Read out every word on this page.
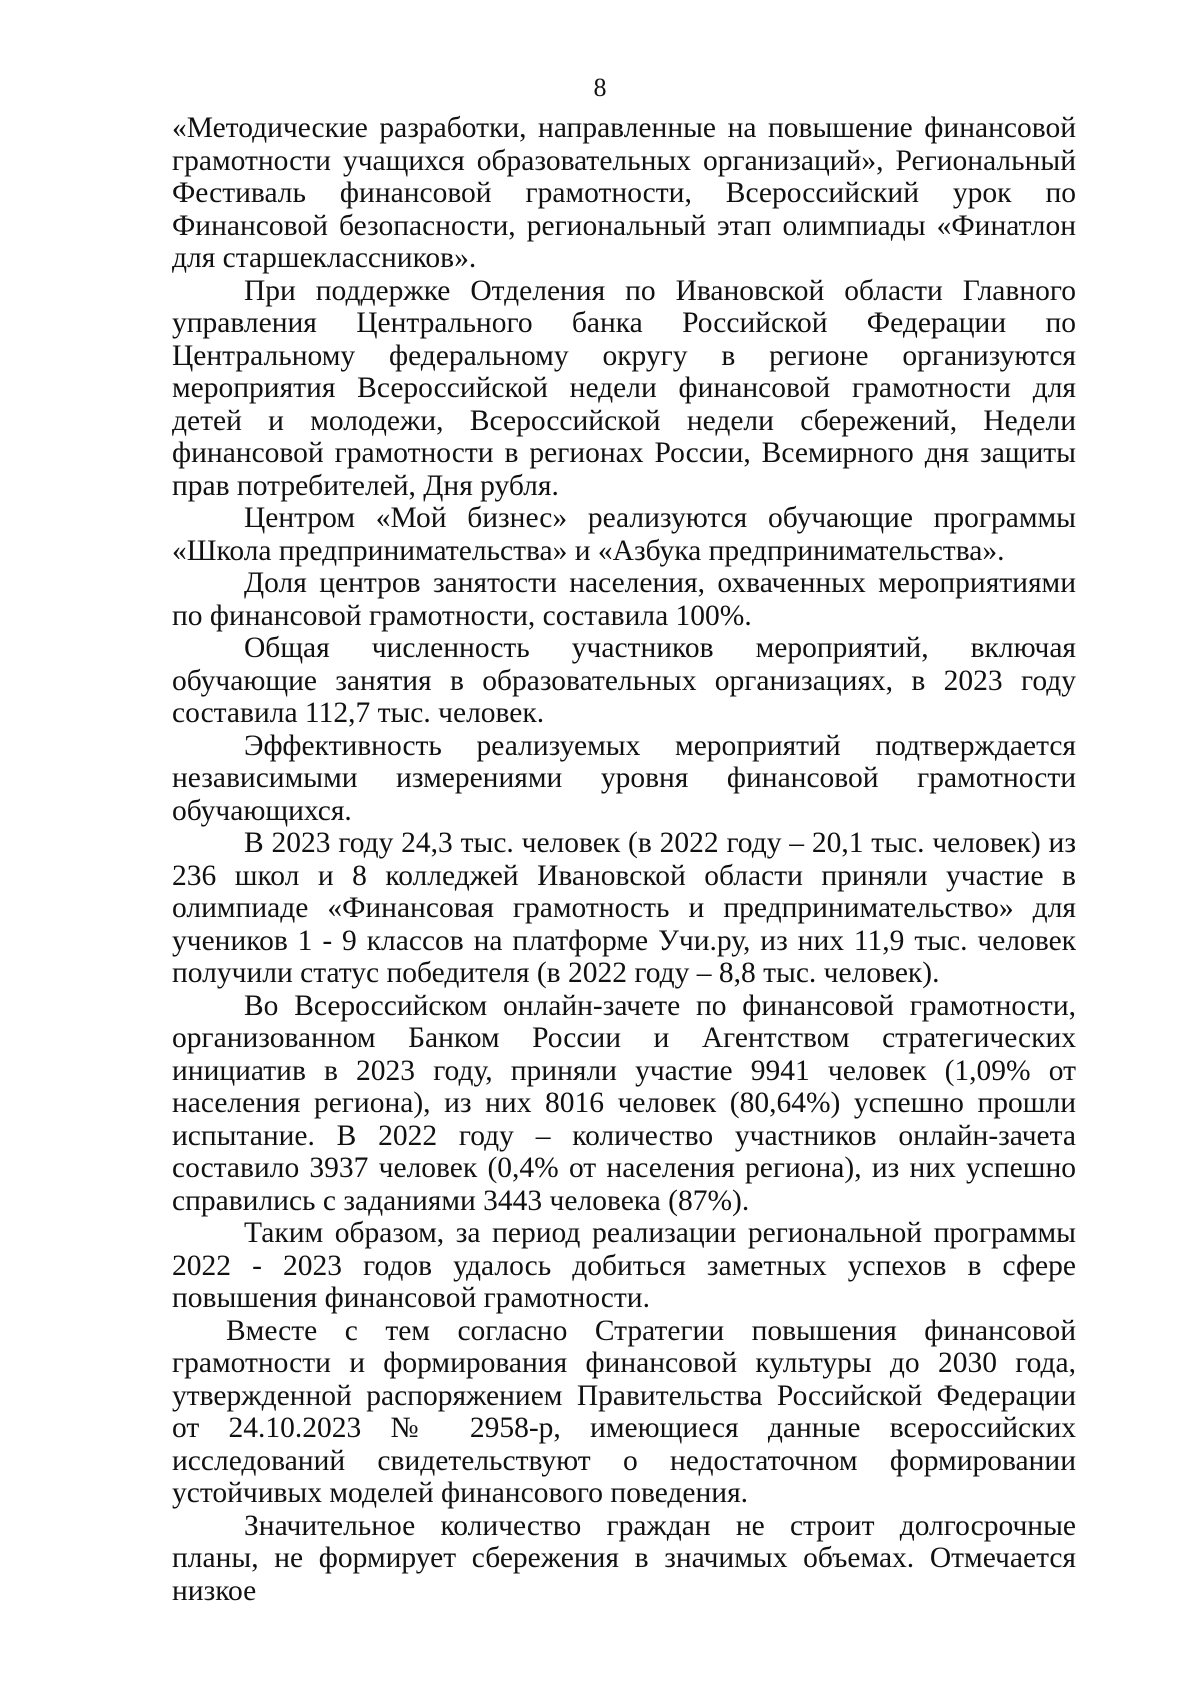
8

«Методические разработки, направленные на повышение финансовой грамотности учащихся образовательных организаций», Региональный Фестиваль финансовой грамотности, Всероссийский урок по Финансовой безопасности, региональный этап олимпиады «Финатлон для старшеклассников».

При поддержке Отделения по Ивановской области Главного управления Центрального банка Российской Федерации по Центральному федеральному округу в регионе организуются мероприятия Всероссийской недели финансовой грамотности для детей и молодежи, Всероссийской недели сбережений, Недели финансовой грамотности в регионах России, Всемирного дня защиты прав потребителей, Дня рубля.

Центром «Мой бизнес» реализуются обучающие программы «Школа предпринимательства» и «Азбука предпринимательства».

Доля центров занятости населения, охваченных мероприятиями по финансовой грамотности, составила 100%.

Общая численность участников мероприятий, включая обучающие занятия в образовательных организациях, в 2023 году составила 112,7 тыс. человек.

Эффективность реализуемых мероприятий подтверждается независимыми измерениями уровня финансовой грамотности обучающихся.

В 2023 году 24,3 тыс. человек (в 2022 году – 20,1 тыс. человек) из 236 школ и 8 колледжей Ивановской области приняли участие в олимпиаде «Финансовая грамотность и предпринимательство» для учеников 1 - 9 классов на платформе Учи.ру, из них 11,9 тыс. человек получили статус победителя (в 2022 году – 8,8 тыс. человек).

Во Всероссийском онлайн-зачете по финансовой грамотности, организованном Банком России и Агентством стратегических инициатив в 2023 году, приняли участие 9941 человек (1,09% от населения региона), из них 8016 человек (80,64%) успешно прошли испытание. В 2022 году – количество участников онлайн-зачета составило 3937 человек (0,4% от населения региона), из них успешно справились с заданиями 3443 человека (87%).

Таким образом, за период реализации региональной программы 2022 - 2023 годов удалось добиться заметных успехов в сфере повышения финансовой грамотности.

Вместе с тем согласно Стратегии повышения финансовой грамотности и формирования финансовой культуры до 2030 года, утвержденной распоряжением Правительства Российской Федерации от 24.10.2023 № 2958-р, имеющиеся данные всероссийских исследований свидетельствуют о недостаточном формировании устойчивых моделей финансового поведения.

Значительное количество граждан не строит долгосрочные планы, не формирует сбережения в значимых объемах. Отмечается низкое
